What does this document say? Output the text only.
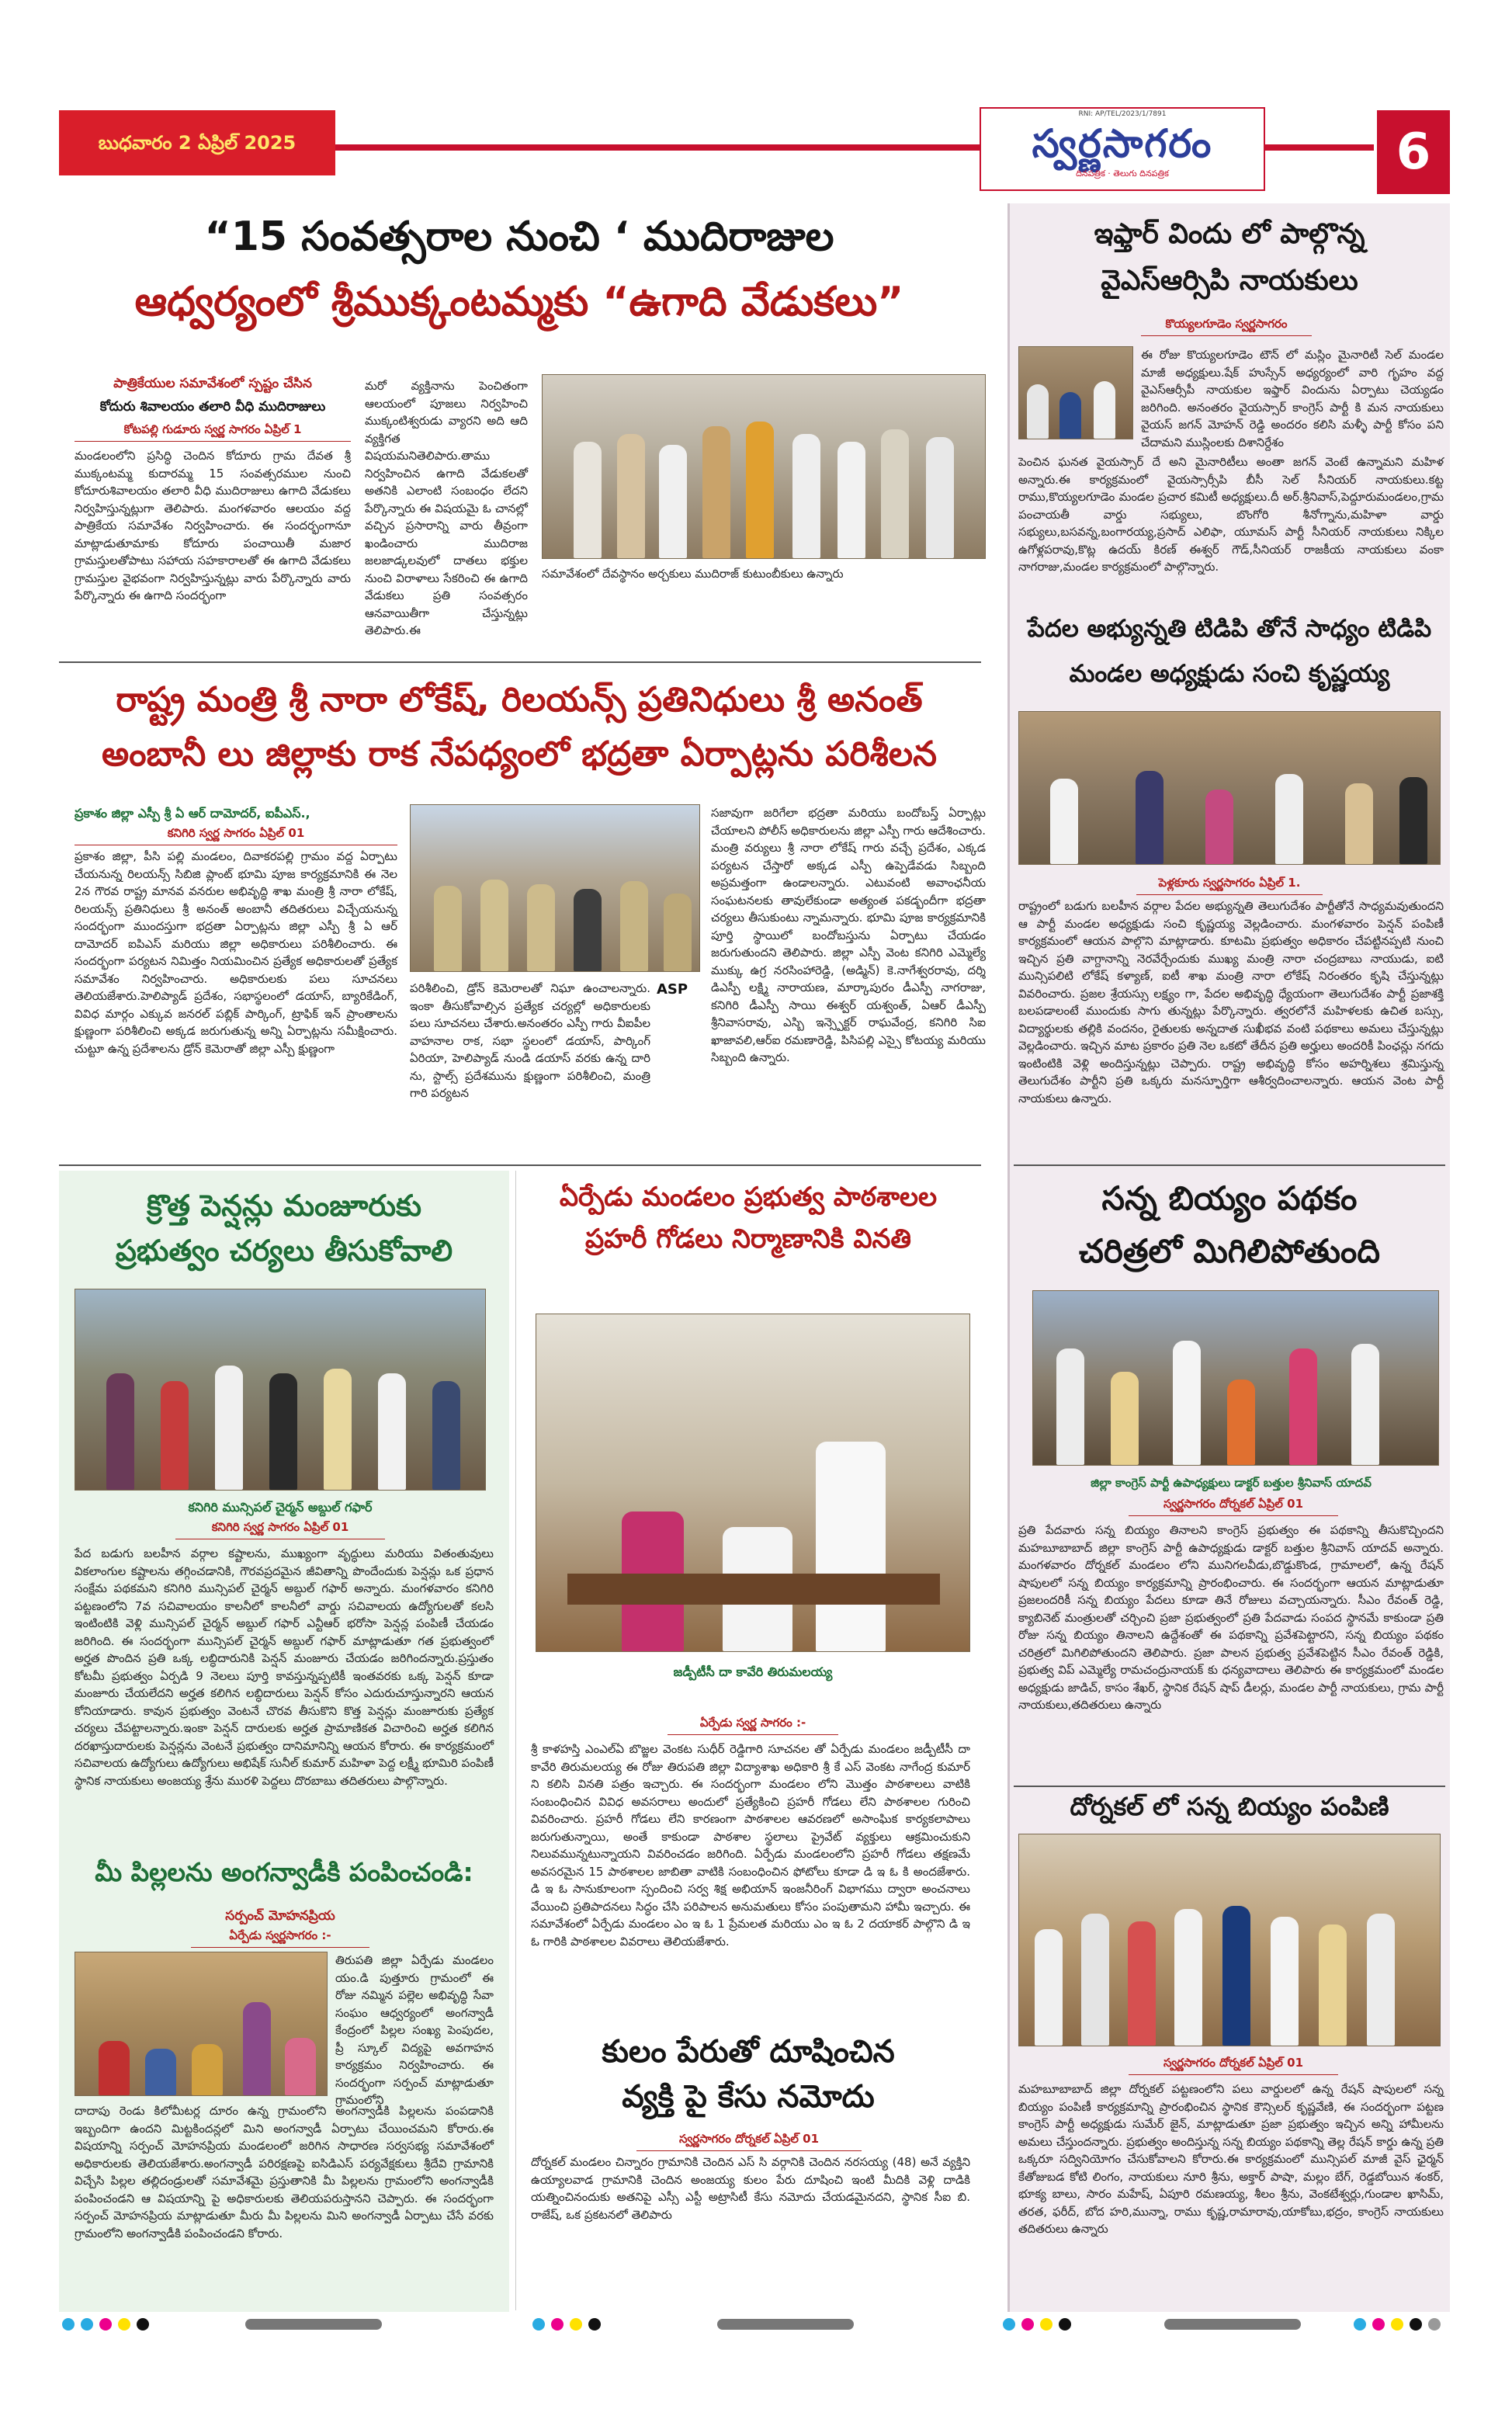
బుధవారం 2 ఏప్రిల్ 2025
RNI: AP/TEL/2023/1/7891
స్వర్ణసాగరం
దినపత్రిక · తెలుగు దినపత్రిక	6
“15 సంవత్సరాల నుంచి ‘ ముదిరాజుల
ఆధ్వర్యంలో శ్రీముక్కంటమ్మకు “ఉగాది వేడుకలు”
పాత్రికేయుల సమావేశంలో స్పష్టం చేసిన
కోదురు శివాలయం తలారి వీధి ముదిరాజులు
కోటపల్లి గుడూరు స్వర్ణ సాగరం ఏప్రిల్ 1
మండలంలోని ప్రసిద్ధి చెందిన కోదూరు గ్రామ దేవత శ్రీ ముక్కంటమ్మ కుదారమ్మ 15 సంవత్సరముల నుంచి కోదూరుశివాలయం తలారి వీధి ముదిరాజులు ఉగాది వేడుకలు నిర్వహిస్తున్నట్లుగా తెలిపారు. మంగళవారం ఆలయం వద్ద పాత్రికేయ సమావేశం నిర్వహించారు. ఈ సందర్భంగానూ మాట్లాడుతూమాకు కోదూరు పంచాయితీ మజార గ్రామస్తులతోపాటు సహాయ సహకారాలతో ఈ ఉగాది వేడుకలు గ్రామస్తుల వైభవంగా నిర్వహిస్తున్నట్లు వారు పేర్కొన్నారు వారు పేర్కొన్నారు ఈ ఉగాది సందర్భంగా
మరో వ్యక్తినాను పెంచితంగా ఆలయంలో పూజలు నిర్వహించి ముక్కంటిశ్వరుడు వ్యారని అది ఆది వ్యక్తిగత విషయమనితెలిపారు.తాము నిర్వహించిన ఉగాది వేడుకలతో అతనికి ఎలాంటి సంబంధం లేదని పేర్కొన్నారు ఈ విషయమై ఓ చానల్లో వచ్చిన ప్రసారాన్ని వారు తీవ్రంగా ఖండించారు ముదిరాజ జలజాడ్కలవులో దాతలు భక్తుల నుంచి విరాళాలు సేకరించి ఈ ఉగాది వేడుకలు ప్రతి సంవత్సరం ఆనవాయితీగా చేస్తున్నట్లు తెలిపారు.ఈ
సమావేశంలో దేవస్థానం అర్చకులు ముదిరాజ్ కుటుంబీకులు ఉన్నారు
రాష్ట్ర మంత్రి శ్రీ నారా లోకేష్, రిలయన్స్ ప్రతినిధులు శ్రీ అనంత్
అంబానీ లు జిల్లాకు రాక నేపధ్యంలో భద్రతా ఏర్పాట్లను పరిశీలన
ప్రకాశం జిల్లా ఎస్పీ శ్రీ ఏ ఆర్ దామోదర్, ఐపీఎస్.,
కనిగిరి స్వర్ణ సాగరం ఏప్రిల్ 01
ప్రకాశం జిల్లా, పీసి పల్లి మండలం, దివాకరపల్లి గ్రామం వద్ద ఏర్పాటు చేయనున్న రిలయన్స్ సిబిజి ప్లాంట్ భూమి పూజ కార్యక్రమానికి ఈ నెల 2న గౌరవ రాష్ట్ర మానవ వనరుల అభివృద్ధి శాఖ మంత్రి శ్రీ నారా లోకేష్, రిలయన్స్ ప్రతినిధులు శ్రీ అనంత్ అంబానీ తదితరులు విచ్చేయనున్న సందర్భంగా ముందస్తుగా భద్రతా ఏర్పాట్లను జిల్లా ఎస్పీ శ్రీ ఏ ఆర్ దామోదర్ ఐపిఎస్ మరియు జిల్లా అధికారులు పరిశీలించారు. ఈ సందర్భంగా పర్యటన నిమిత్తం నియమించిన ప్రత్యేక అధికారులతో ప్రత్యేక సమావేశం నిర్వహించారు. అధికారులకు పలు సూచనలు తెలియజేశారు.హెలిప్యాడ్ ప్రదేశం, సభాస్థలంలో డయాస్, బ్యారికేడింగ్, వివిధ మార్గం ఎక్కువ జనరల్ పబ్లిక్ పార్కింగ్, ట్రాఫిక్ ఇన్ ప్రాంతాలను క్షుణ్ణంగా పరిశీలించి అక్కడ జరుగుతున్న అన్ని ఏర్పాట్లను సమీక్షించారు. చుట్టూ ఉన్న ప్రదేశాలను డ్రోన్ కెమెరాతో జిల్లా ఎస్పీ క్షుణ్ణంగా
పరిశీలించి, డ్రోన్ కెమెరాలతో నిఘా ఉంచాలన్నారు. ఇంకా తీసుకోవాల్సిన ప్రత్యేక చర్యల్లో అధికారులకు పలు సూచనలు చేశారు.అనంతరం ఎస్పీ గారు వీఐపీల వాహనాల రాక, సభా స్థలంలో డయాస్, పార్కింగ్ ఏరియా, హెలిప్యాడ్ నుండి డయాస్ వరకు ఉన్న దారి ను, స్టాల్స్ ప్రదేశమును క్షుణ్ణంగా పరిశీలించి, మంత్రి గారి పర్యటన
ASP
సజావుగా జరిగేలా భద్రతా మరియు బందోబస్త్ ఏర్పాట్లు చేయాలని పోలీస్ అధికారులను జిల్లా ఎస్పీ గారు ఆదేశించారు. మంత్రి వర్యులు శ్రీ నారా లోకేష్ గారు వచ్చే ప్రదేశం, ఎక్కడ పర్యటన చేస్తారో అక్కడ ఎస్పీ ఉప్పెడేవడు సిబ్బంది అప్రమత్తంగా ఉండాలన్నారు. ఎటువంటి అవాంఛనీయ సంఘటనలకు తావులేకుండా అత్యంత పకడ్బందీగా భద్రతా చర్యలు తీసుకుంటు న్నామన్నారు. భూమి పూజ కార్యక్రమానికి పూర్తి స్థాయిలో బందోబస్తును ఏర్పాటు చేయడం జరుగుతుందని తెలిపారు. జిల్లా ఎస్పీ వెంట కనిగిరి ఎమ్మెల్యే ముక్కు ఉగ్ర నరసింహారెడ్డి, (అడ్మిన్) కె.నాగేశ్వరరావు, దర్శి డిఎస్పీ లక్ష్మి నారాయణ, మార్కాపురం డీఎస్పీ నాగరాజు, కనిగిరి డీఎస్పీ సాయి ఈశ్వర్ యశ్వంత్, ఏఆర్ డీఎస్పీ శ్రీనివాసరావు, ఎస్బి ఇన్స్పెక్టర్ రాఘవేంద్ర, కనిగిరి సిఐ ఖాజావలి,ఆర్ఐ రమణారెడ్డి, పిసిపల్లి ఎస్సై కోటయ్య మరియు సిబ్బంది ఉన్నారు.
క్రొత్త పెన్షన్లు మంజూరుకు
ప్రభుత్వం చర్యలు తీసుకోవాలి
కనిగిరి మున్సిపల్ చైర్మన్ అబ్దుల్ గఫార్
కనిగిరి స్వర్ణ సాగరం ఏప్రిల్ 01
పేద బడుగు బలహీన వర్గాల కష్టాలను, ముఖ్యంగా వృద్ధులు మరియు వితంతువులు వికలాంగుల కష్టాలను తగ్గించడానికి, గౌరవప్రదమైన జీవితాన్ని పొందేందుకు పెన్షన్లు ఒక ప్రధాన సంక్షేమ పథకమని కనిగిరి మున్సిపల్ చైర్మన్ అబ్దుల్ గఫార్ అన్నారు. మంగళవారం కనిగిరి పట్టణంలోని 7వ సచివాలయం కాలనీలో కాలనీలో వార్డు సచివాలయ ఉద్యోగులతో కలసి ఇంటింటికి వెళ్లి మున్సిపల్ చైర్మన్ అబ్దుల్ గఫార్ ఎన్టీఆర్ భరోసా పెన్షన్ల పంపిణీ చేయడం జరిగింది. ఈ సందర్భంగా మున్సిపల్ చైర్మన్ అబ్దుల్ గఫార్ మాట్లాడుతూ గత ప్రభుత్వంలో అర్హత పొందిన ప్రతి ఒక్క లబ్ధిదారునికి పెన్షన్ మంజూరు చేయడం జరిగిందన్నారు.ప్రస్తుతం కోటమీ ప్రభుత్వం ఏర్పడి 9 నెలలు పూర్తి కావస్తున్నప్పటికీ ఇంతవరకు ఒక్క పెన్షన్ కూడా మంజూరు చేయలేదని అర్హత కలిగిన లబ్ధిదారులు పెన్షన్ కోసం ఎదురుచూస్తున్నారని ఆయన కోనియాడారు. కావున ప్రభుత్వం వెంటనే చొరవ తీసుకొని కొత్త పెన్షన్లు మంజూరుకు ప్రత్యేక చర్యలు చేపట్టాలన్నారు.ఇంకా పెన్షన్ దారులకు అర్హత ప్రామాణికత విచారించి అర్హత కలిగిన దరఖాస్తుదారులకు పెన్షన్లను వెంటనే ప్రభుత్వం దానిమానిన్ని ఆయన కోరారు. ఈ కార్యక్రమంలో సచివాలయ ఉద్యోగులు ఉద్యోగులు అభిషేక్ సునీల్ కుమార్ మహిళా పెద్ద లక్ష్మీ భూమిరి పంపిణీ స్థానిక నాయకులు అంజయ్య శ్రేను మురళి పెద్దలు దొరబాబు తదితరులు పాల్గొన్నారు.
మీ పిల్లలను అంగన్వాడీకి పంపించండి:
సర్పంచ్ మోహనప్రియ
ఏర్పేడు స్వర్ణసాగరం :-
తిరుపతి జిల్లా ఏర్పేడు మండలం యం.డి పుత్తూరు గ్రామంలో ఈ రోజు నమ్మిన పల్లెల అభివృద్ధి సేవా సంఘం ఆధ్వర్యంలో అంగన్వాడీ కేంద్రంలో పిల్లల సంఖ్య పెంపుదల, ప్రీ స్కూల్ విద్యపై అవగాహన కార్యక్రమం నిర్వహించారు. ఈ సందర్భంగా సర్పంచ్ మాట్లాడుతూ గ్రామంలోని
దాదాపు రెండు కిలోమీటర్ల దూరం ఉన్న గ్రామంలోని అంగన్వాడీకి పిల్లలను పంపడానికి ఇబ్బందిగా ఉందని మిట్టకిందన్లలో మిని అంగన్వాడీ ఏర్పాటు చేయించమని కోరారు.ఈ విషయాన్ని సర్పంచ్ మోహనప్రియ మండలంలో జరిగిన సాధారణ సర్వసభ్య సమావేశంలో అధికారులకు తెలియజేశారు.అంగన్వాడీ పరిరక్షణపై ఐసిడిఎస్ పర్యవేక్షకులు శ్రీదేవి గ్రామానికి విచ్చేసి పిల్లల తల్లిదండ్రులతో సమావేశమై ప్రస్తుతానికి మీ పిల్లలను గ్రామంలోని అంగన్వాడీకి పంపించండని ఆ విషయాన్ని పై అధికారులకు తెలియపరుస్తానని చెప్పారు. ఈ సందర్భంగా సర్పంచ్ మోహనప్రియ మాట్లాడుతూ మీరు మీ పిల్లలను మిని అంగన్వాడీ ఏర్పాటు చేసే వరకు గ్రామంలోని అంగన్వాడీకి పంపించండని కోరారు.
ఏర్పేడు మండలం ప్రభుత్వ పాఠశాలల
ప్రహరీ గోడలు నిర్మాణానికి వినతి
జడ్పీటీసీ దా కావేరి తిరుమలయ్య
ఏర్పేడు స్వర్ణ సాగరం :-
శ్రీ కాళహస్తి ఎంఎల్ఏ బొజ్జల వెంకట సుధీర్ రెడ్డిగారి సూచనల తో ఏర్పేడు మండలం జడ్పీటీసీ దా కావేరి తిరుమలయ్య ఈ రోజు తిరుపతి జిల్లా విద్యాశాఖ అధికారి శ్రీ కే ఎస్ వెంకట నాగేంద్ర కుమార్ ని కలిసి వినతి పత్రం ఇచ్చారు. ఈ సందర్భంగా మండలం లోని మొత్తం పాఠశాలలు వాటికి సంబంధించిన వివిధ అవసరాలు అందులో ప్రత్యేకించి ప్రహరీ గోడలు లేని పాఠశాలల గురించి వివరించారు. ప్రహరీ గోడలు లేని కారణంగా పాఠశాలల ఆవరణలో అసాంఘిక కార్యకలాపాలు జరుగుతున్నాయి, అంతే కాకుండా పాఠశాల స్థలాలు ప్రైవేట్ వ్యక్తులు ఆక్రమించుకుని నిలువమున్నటున్నాయని వివరించడం జరిగింది. ఏర్పేడు మండలంలోని ప్రహరీ గోడలు తక్షణమే అవసరమైన 15 పాఠశాలల జాబితా వాటికి సంబంధించిన ఫోటోలు కూడా డి ఇ ఓ కి అందజేశారు. డి ఇ ఓ సానుకూలంగా స్పందించి సర్వ శిక్ష అభియాన్ ఇంజనీరింగ్ విభాగము ద్వారా అంచనాలు వేయించి ప్రతిపాదనలు సిద్ధం చేసి పరిపాలన అనుమతులు కోసం పంపుతామని హామీ ఇచ్చారు. ఈ సమావేశంలో ఏర్పేడు మండలం ఎం ఇ ఓ 1 ప్రేమలత మరియు ఎం ఇ ఓ 2 దయాకర్ పాల్గొని డి ఇ ఓ గారికి పాఠశాలల వివరాలు తెలియజేశారు.
కులం పేరుతో దూషించిన
వ్యక్తి పై కేసు నమోదు
స్వర్ణసాగరం దోర్నకల్ ఏప్రిల్ 01
దోర్నకల్ మండలం చిన్నారం గ్రామానికి చెందిన ఎస్ సి వర్గానికి చెందిన నరసయ్య (48) అనే వ్యక్తిని ఉయ్యాలవాడ గ్రామానికి చెందిన అంజయ్య కులం పేరు దూషించి ఇంటి మీదికి వెళ్లి దాడికి యత్నించినందుకు అతనిపై ఎస్సీ ఎస్టీ అట్రాసిటీ కేసు నమోదు చేయడమైనదని, స్థానిక సీఐ బి. రాజేష్, ఒక ప్రకటనలో తెలిపారు
ఇఫ్తార్ విందు లో పాల్గొన్న
వైఎస్ఆర్సిపి నాయకులు
కొయ్యలగూడెం స్వర్ణసాగరం
ఈ రోజు కొయ్యలగూడెం టౌన్ లో మస్లిం మైనారిటీ సెల్ మండల మాజీ అధ్యక్షులు.షేక్ హుస్సేన్ అధ్యర్యంలో వారి గృహం వద్ద వైఎస్ఆర్సీపీ నాయకుల ఇఫ్తార్ విందును ఏర్పాటు చెయ్యడం జరిగింది. అనంతరం వైయస్సార్ కాంగ్రెస్ పార్టీ కి మన నాయకులు వైయస్ జగన్ మోహన్ రెడ్డి అందరం కలిసి మళ్ళీ పార్టీ కోసం పని చేదామని ముస్లింలకు దిశానిర్దేశం
పెంచిన ఘనత వైయస్సార్ దే అని మైనారిటీలు అంతా జగన్ వెంటే ఉన్నామని మహిళ అన్నారు.ఈ కార్యక్రమంలో వైయస్సార్సీపి బీసీ సెల్ సీనియర్ నాయకులు.కట్ట రాము,కొయ్యలగూడెం మండల ప్రచార కమిటీ అధ్యక్షులు.దీ అర్.శ్రీనివాస్,పెద్దూరుమండలం,గ్రామ పంచాయతీ వార్డు సభ్యులు, బొంగోరి శీనోగ్నాను,మహిళా వార్డు సభ్యులు,బసవన్న,బంగారయ్య,ప్రసాద్ ఎలిఫా, యూమస్ పార్టీ సీనియర్ నాయకులు నిక్కిల ఉగోళ్లపరావు,కొట్ల ఉదయ్ కిరణ్ ఈశ్వర్ గౌడ్,సీనియర్ రాజకీయ నాయకులు వంకా నాగరాజు,మండల కార్యక్రమంలో పాల్గొన్నారు.
పేదల అభ్యున్నతి టిడిపి తోనే సాధ్యం టిడిపి
మండల అధ్యక్షుడు సంచి కృష్ణయ్య
పెళ్లకూరు స్వర్ణసాగరం ఏప్రిల్ 1.
రాష్ట్రంలో బడుగు బలహీన వర్గాల పేదల అభ్యున్నతి తెలుగుదేశం పార్టీతోనే సాధ్యమవుతుందని ఆ పార్టీ మండల అధ్యక్షుడు సంచి కృష్ణయ్య వెల్లడించారు. మంగళవారం పెన్షన్ పంపిణీ కార్యక్రమంలో ఆయన పాల్గొని మాట్లాడారు. కూటమి ప్రభుత్వం అధికారం చేపట్టినప్పటి నుంచి ఇచ్చిన ప్రతి వాగ్దానాన్ని నెరవేర్చేందుకు ముఖ్య మంత్రి నారా చంద్రబాబు నాయుడు, ఐటి మున్సిపలిటి లోకేష్ కళ్యాణ్, ఐటీ శాఖ మంత్రి నారా లోకేష్ నిరంతరం కృషి చేస్తున్నట్లు వివరించారు. ప్రజల శ్రేయస్సు లక్ష్యం గా, పేదల అభివృద్ధి ధ్యేయంగా తెలుగుదేశం పార్టీ ప్రజాశక్తి బలపడాలంటే ముందుకు సాగు తున్నట్లు పేర్కొన్నారు. త్వరలోనే మహిళలకు ఉచిత బస్సు, విద్యార్థులకు తల్లికి వందనం, రైతులకు అన్నదాత సుఖీభవ వంటి పథకాలు అమలు చేస్తున్నట్లు వెల్లడించారు. ఇచ్చిన మాట ప్రకారం ప్రతి నెల ఒకటో తేదీన ప్రతి అర్హులు అందరికీ పింఛన్లు నగదు ఇంటింటికి వెళ్లి అందిస్తున్నట్లు చెప్పారు. రాష్ట్ర అభివృద్ధి కోసం అహర్నిశలు శ్రమిస్తున్న తెలుగుదేశం పార్టీని ప్రతి ఒక్కరు మనస్ఫూర్తిగా ఆశీర్వదించాలన్నారు. ఆయన వెంట పార్టీ నాయకులు ఉన్నారు.
సన్న బియ్యం పథకం
చరిత్రలో మిగిలిపోతుంది
జిల్లా కాంగ్రెస్ పార్టీ ఉపాధ్యక్షులు డాక్టర్ బత్తుల శ్రీనివాస్ యాదవ్
స్వర్ణసాగరం దోర్నకల్ ఏప్రిల్ 01
ప్రతి పేదవారు సన్న బియ్యం తినాలని కాంగ్రెస్ ప్రభుత్వం ఈ పథకాన్ని తీసుకొచ్చిందని మహబూబాబాద్ జిల్లా కాంగ్రెస్ పార్టీ ఉపాధ్యక్షుడు డాక్టర్ బత్తుల శ్రీనివాస్ యాదవ్ అన్నారు. మంగళవారం దోర్నకల్ మండలం లోని మునిగలవీడు,బొడ్డుకొండ, గ్రామాలలో, ఉన్న రేషన్ షాపులలో సన్న బియ్యం కార్యక్రమాన్ని ప్రారంభించారు. ఈ సందర్భంగా ఆయన మాట్లాడుతూ ప్రజలందరికీ సన్న బియ్యం పేదలు కూడా తినే రోజులు వచ్చాయన్నారు. సీఎం రేవంత్ రెడ్డి, క్యాబినెట్ మంత్రులతో చర్చించి ప్రజా ప్రభుత్వంలో ప్రతి పేదవాడు సంపద స్థానమే కాకుండా ప్రతి రోజు సన్న బియ్యం తినాలని ఉద్దేశంతో ఈ పథకాన్ని ప్రవేశపెట్టారని, సన్న బియ్యం పథకం చరిత్రలో మిగిలిపోతుందని తెలిపారు. ప్రజా పాలన ప్రభుత్వ ప్రవేశపెట్టిన సీఎం రేవంత్ రెడ్డికి, ప్రభుత్వ విప్ ఎమ్మెల్యే రామచంద్రునాయక్ కు ధన్యవాదాలు తెలిపారు ఈ కార్యక్రమంలో మండల అధ్యక్షుడు జాడిచ్, కాసం శేఖర్, స్థానిక రేషన్ షాప్ డీలర్లు, మండల పార్టీ నాయకులు, గ్రామ పార్టీ నాయకులు,తదితరులు ఉన్నారు
దోర్నకల్ లో సన్న బియ్యం పంపిణి
స్వర్ణసాగరం దోర్నకల్ ఏప్రిల్ 01
మహబూబాబాద్ జిల్లా దోర్నకల్ పట్టణంలోని పలు వార్డులలో ఉన్న రేషన్ షాపులలో సన్న బియ్యం పంపిణీ కార్యక్రమాన్ని ప్రారంభించిన స్థానిక కౌన్సిలర్ కృష్ణవేణి, ఈ సందర్భంగా పట్టణ కాంగ్రెస్ పార్టీ అధ్యక్షుడు సుమేర్ జైన్, మాట్లాడుతూ ప్రజా ప్రభుత్వం ఇచ్చిన అన్ని హామీలను అమలు చేస్తుందన్నారు. ప్రభుత్వం అందిస్తున్న సన్న బియ్యం పథకాన్ని తెల్ల రేషన్ కార్డు ఉన్న ప్రతి ఒక్కరూ సద్వినియోగం చేసుకోవాలని కోరారు.ఈ కార్యక్రమంలో మున్సిపల్ మాజీ వైస్ ఛైర్మన్ కేతోజుబడ కోటి లింగం, నాయకులు నూరి శ్రీను, అక్తార్ పాషా, మల్లం బేగ్, రెడ్డబోయిన శంకర్, భూక్య బాలు, సారం మహేష్, ఏపూరి రమణయ్య, శీలం శ్రీను, వెంకటేశ్వర్లు,గుండాల ఖాసిమ్, తరత, ఫరీద్, బోద హరి,మున్నా, రాము కృష్ణ,రామారావు,యాకోబు,భద్రం, కాంగ్రెస్ నాయకులు తదితరులు ఉన్నారు
